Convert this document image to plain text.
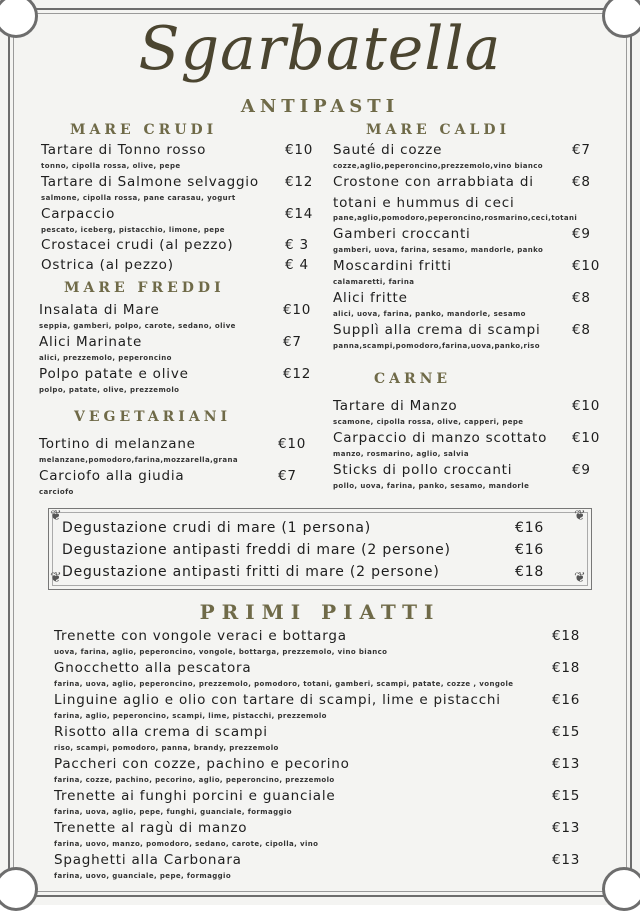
Sgarbatella
ANTIPASTI
MARE CRUDI
Tartare di Tonno rosso	€10
tonno, cipolla rossa, olive, pepe
Tartare di Salmone selvaggio €12
salmone, cipolla rossa, pane carasau, yogurt
Carpaccio	€14
pescato, iceberg, pistacchio, limone, pepe
Crostacei crudi (al pezzo)	€ 3
Ostrica (al pezzo)	€ 4
MARE FREDDI
Insalata di Mare	€10
seppia, gamberi, polpo, carote, sedano, olive
Alici Marinate	€7
alici, prezzemolo, peperoncino
Polpo patate e olive	€12
polpo, patate, olive, prezzemolo
VEGETARIANI
Tortino di melanzane	€10
melanzane,pomodoro,farina,mozzarella,grana
Carciofo alla giudia	€7
carciofo
MARE CALDI
Sauté di cozze	€7
cozze,aglio,peperoncino,prezzemolo,vino bianco
Crostone con arrabbiata di	€8
totani e hummus di ceci
pane,aglio,pomodoro,peperoncino,rosmarino,ceci,totani
Gamberi croccanti	€9
gamberi, uova, farina, sesamo, mandorle, panko
Moscardini fritti	€10
calamaretti, farina
Alici fritte	€8
alici, uova, farina, panko, mandorle, sesamo
Supplì alla crema di scampi €8
panna,scampi,pomodoro,farina,uova,panko,riso
CARNE
Tartare di Manzo	€10
scamone, cipolla rossa, olive, capperi, pepe
Carpaccio di manzo scottato €10
manzo, rosmarino, aglio, salvia
Sticks di pollo croccanti	€9
pollo, uova, farina, panko, sesamo, mandorle
❦	❦
❦	❦
Degustazione crudi di mare (1 persona)	€16
Degustazione antipasti freddi di mare (2 persone)	€16
Degustazione antipasti fritti di mare (2 persone)	€18
PRIMI PIATTI
Trenette con vongole veraci e bottarga	€18
uova, farina, aglio, peperoncino, vongole, bottarga, prezzemolo, vino bianco
Gnocchetto alla pescatora	€18
farina, uova, aglio, peperoncino, prezzemolo, pomodoro, totani, gamberi, scampi, patate, cozze , vongole
Linguine aglio e olio con tartare di scampi, lime e pistacchi	€16
farina, aglio, peperoncino, scampi, lime, pistacchi, prezzemolo
Risotto alla crema di scampi	€15
riso, scampi, pomodoro, panna, brandy, prezzemolo
Paccheri con cozze, pachino e pecorino	€13
farina, cozze, pachino, pecorino, aglio, peperoncino, prezzemolo
Trenette ai funghi porcini e guanciale	€15
farina, uova, aglio, pepe, funghi, guanciale, formaggio
Trenette al ragù di manzo	€13
farina, uovo, manzo, pomodoro, sedano, carote, cipolla, vino
Spaghetti alla Carbonara	€13
farina, uovo, guanciale, pepe, formaggio
